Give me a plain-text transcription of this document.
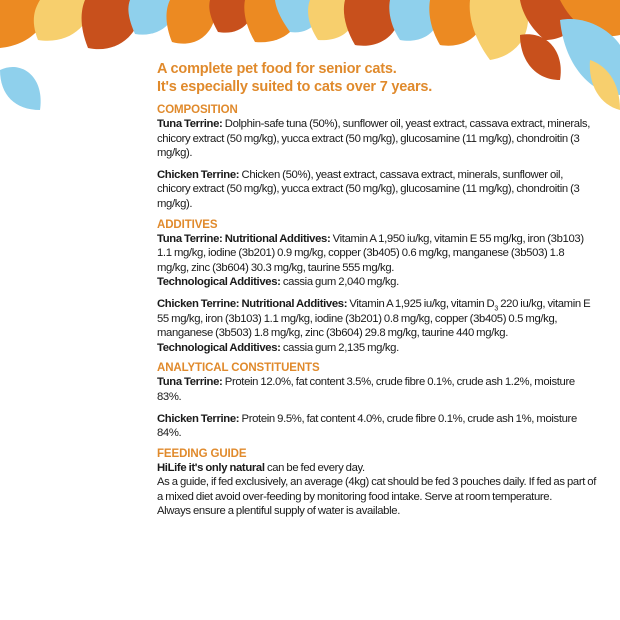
A complete pet food for senior cats.
It's especially suited to cats over 7 years.
COMPOSITION

Tuna Terrine: Dolphin-safe tuna (50%), sunflower oil, yeast extract, cassava extract, minerals, chicory extract (50 mg/kg), yucca extract (50 mg/kg), glucosamine (11 mg/kg), chondroitin (3 mg/kg).

Chicken Terrine: Chicken (50%), yeast extract, cassava extract, minerals, sunflower oil, chicory extract (50 mg/kg), yucca extract (50 mg/kg), glucosamine (11 mg/kg), chondroitin (3 mg/kg).

ADDITIVES

Tuna Terrine: Nutritional Additives: Vitamin A 1,950 iu/kg, vitamin E 55 mg/kg, iron (3b103) 1.1 mg/kg, iodine (3b201) 0.9 mg/kg, copper (3b405) 0.6 mg/kg, manganese (3b503) 1.8 mg/kg, zinc (3b604) 30.3 mg/kg, taurine 555 mg/kg.

Technological Additives: cassia gum 2,040 mg/kg.

Chicken Terrine: Nutritional Additives: Vitamin A 1,925 iu/kg, vitamin $D_3$ 220 iu/kg, vitamin E 55 mg/kg, iron (3b103) 1.1 mg/kg, iodine (3b201) 0.8 mg/kg, copper (3b405) 0.5 mg/kg, manganese (3b503) 1.8 mg/kg, zinc (3b604) 29.8 mg/kg, taurine 440 mg/kg.

Technological Additives: cassia gum 2,135 mg/kg.

ANALYTICAL CONSTITUENTS

Tuna Terrine: Protein 12.0%, fat content 3.5%, crude fibre 0.1%, crude ash 1.2%, moisture 83%.

Chicken Terrine: Protein 9.5%, fat content 4.0%, crude fibre 0.1%, crude ash 1%, moisture 84%.

FEEDING GUIDE

HiLife it's only natural can be fed every day.

As a guide, if fed exclusively, an average (4kg) cat should be fed 3 pouches daily. If fed as part of a mixed diet avoid over-feeding by monitoring food intake. Serve at room temperature.

Always ensure a plentiful supply of water is available.
